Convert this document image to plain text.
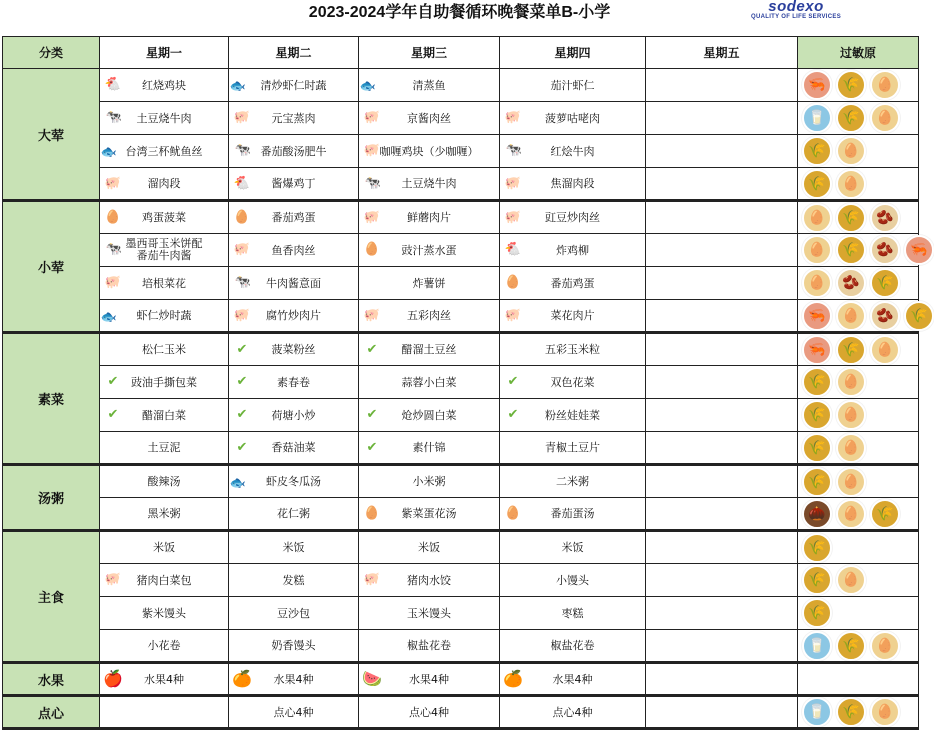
2023-2024学年自助餐循环晚餐菜单B-小学	sodexo
QUALITY OF LIFE SERVICES
分类	星期一	星期二	星期三	星期四	星期五	过敏原
大荤	🐔 红烧鸡块	🐟 清炒虾仁时蔬	🐟 清蒸鱼	茄汁虾仁		🦐 🌾 🥚

	🐄 土豆烧牛肉	🐖 元宝蒸肉	🐖 京酱肉丝	🐖 菠萝咕咾肉		🥛 🌾 🥚

	🐟 台湾三杯鱿鱼丝	🐄 番茄酸汤肥牛	🐖 咖喱鸡块（少咖喱）	🐄 红烩牛肉		🌾 🥚

	🐖 溜肉段	🐔 酱爆鸡丁	🐄 土豆烧牛肉	🐖 焦溜肉段		🌾 🥚

小荤	🥚 鸡蛋菠菜	🥚 番茄鸡蛋	🐖 鲜蘑肉片	🐖 豇豆炒肉丝		🥚 🌾 🫘

	🐄 墨西哥玉米饼配
番茄牛肉酱	🐖 鱼香肉丝	🥚 豉汁蒸水蛋	🐔 炸鸡柳		🥚 🌾 🫘 🦐

	🐖 培根菜花	🐄 牛肉酱意面	炸薯饼	🥚 番茄鸡蛋		🥚 🫘 🌾

	🐟 虾仁炒时蔬	🐖 腐竹炒肉片	🐖 五彩肉丝	🐖 菜花肉片		🦐 🥚 🫘 🌾

素菜	松仁玉米	✔ 菠菜粉丝	✔ 醋溜土豆丝	五彩玉米粒		🦐 🌾 🥚

	✔ 豉油手撕包菜	✔ 素春卷	蒜蓉小白菜	✔ 双色花菜		🌾 🥚

	✔ 醋溜白菜	✔ 荷塘小炒	✔ 炝炒圆白菜	✔ 粉丝娃娃菜		🌾 🥚

	土豆泥	✔ 香菇油菜	✔ 素什锦	青椒土豆片		🌾 🥚

汤粥	酸辣汤	🐟 虾皮冬瓜汤	小米粥	二米粥		🌾 🥚

	黑米粥	花仁粥	🥚 紫菜蛋花汤	🥚 番茄蛋汤		🌰 🥚 🌾

主食	米饭	米饭	米饭	米饭		🌾

	🐖 猪肉白菜包	发糕	🐖 猪肉水饺	小馒头		🌾 🥚

	紫米馒头	豆沙包	玉米馒头	枣糕		🌾

	小花卷	奶香馒头	椒盐花卷	椒盐花卷		🥛 🌾 🥚

水果	🍎 水果4种	🍊 水果4种	🍉 水果4种	🍊 水果4种		

点心		点心4种	点心4种	点心4种		🥛 🌾 🥚
